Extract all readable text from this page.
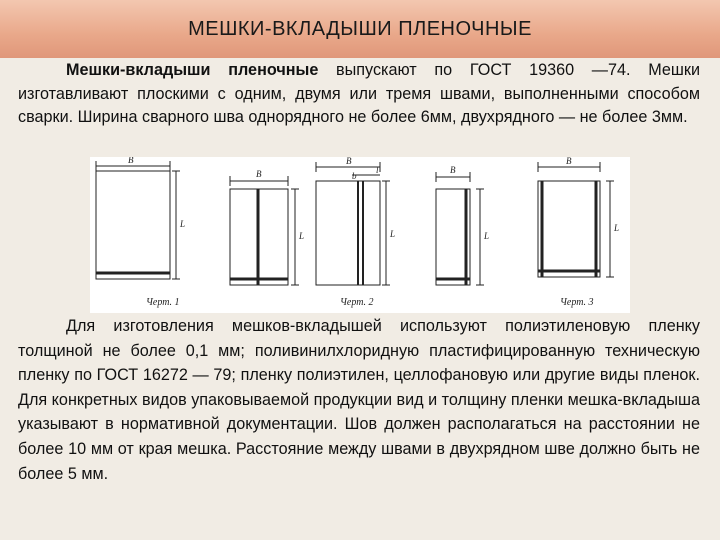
МЕШКИ-ВКЛАДЫШИ ПЛЕНОЧНЫЕ
Мешки-вкладыши пленочные выпускают по ГОСТ 19360 —74. Мешки изготавливают плоскими с одним, двумя или тремя швами, выполненными способом сварки. Ширина сварного шва однорядного не более 6мм, двухрядного — не более 3мм.
B
L
Черт. 1
B
L
B
b
l
L
Черт. 2
B
L
B
L
Черт. 3
Для изготовления мешков-вкладышей используют полиэтиленовую пленку толщиной не более 0,1 мм; поливинилхлоридную пластифицированную техническую пленку по ГОСТ 16272 — 79; пленку полиэтилен, целлофановую или другие виды пленок. Для конкретных видов упаковываемой продукции вид и толщину пленки мешка-вкладыша указывают в нормативной документации. Шов должен располагаться на расстоянии не более 10 мм от края мешка. Расстояние между швами в двухрядном шве должно быть не более 5 мм.
